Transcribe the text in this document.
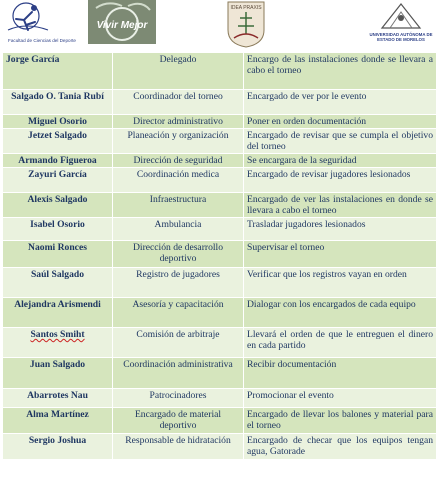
Facultad de Ciencias del Deporte
Vivir Mejor
IDEA PRAXIS
UNIVERSIDAD AUTÓNOMA DE ESTADO DE MORELOS
Jorge García	Delegado	Encargo de las instalaciones donde se llevara a cabo el torneo
Salgado O. Tania Rubí	Coordinador del torneo	Encargado de ver por le evento
Miguel Osorio	Director administrativo	Poner en orden documentación
Jetzet Salgado	Planeación y organización	Encargado de revisar que se cumpla el objetivo del torneo
Armando Figueroa	Dirección de seguridad	Se encargara de la seguridad
Zayuri García	Coordinación medica	Encargado de revisar jugadores lesionados
Alexis Salgado	Infraestructura	Encargado de ver las instalaciones en donde se llevara a cabo el torneo
Isabel Osorio	Ambulancia	Trasladar jugadores lesionados
Naomi Ronces	Dirección de desarrollo deportivo	Supervisar el torneo
Saúl Salgado	Registro de jugadores	Verificar que los registros vayan en orden
Alejandra Arismendi	Asesoría y capacitación	Dialogar con los encargados de cada equipo
Santos Smiht	Comisión de arbitraje	Llevará el orden de que le entreguen el dinero en cada partido
Juan Salgado	Coordinación administrativa	Recibir documentación
Abarrotes Nau	Patrocinadores	Promocionar el evento
Alma Martínez	Encargado de material deportivo	Encargado de llevar los balones y material para el torneo
Sergio Joshua	Responsable de hidratación	Encargado de checar que los equipos tengan agua, Gatorade
